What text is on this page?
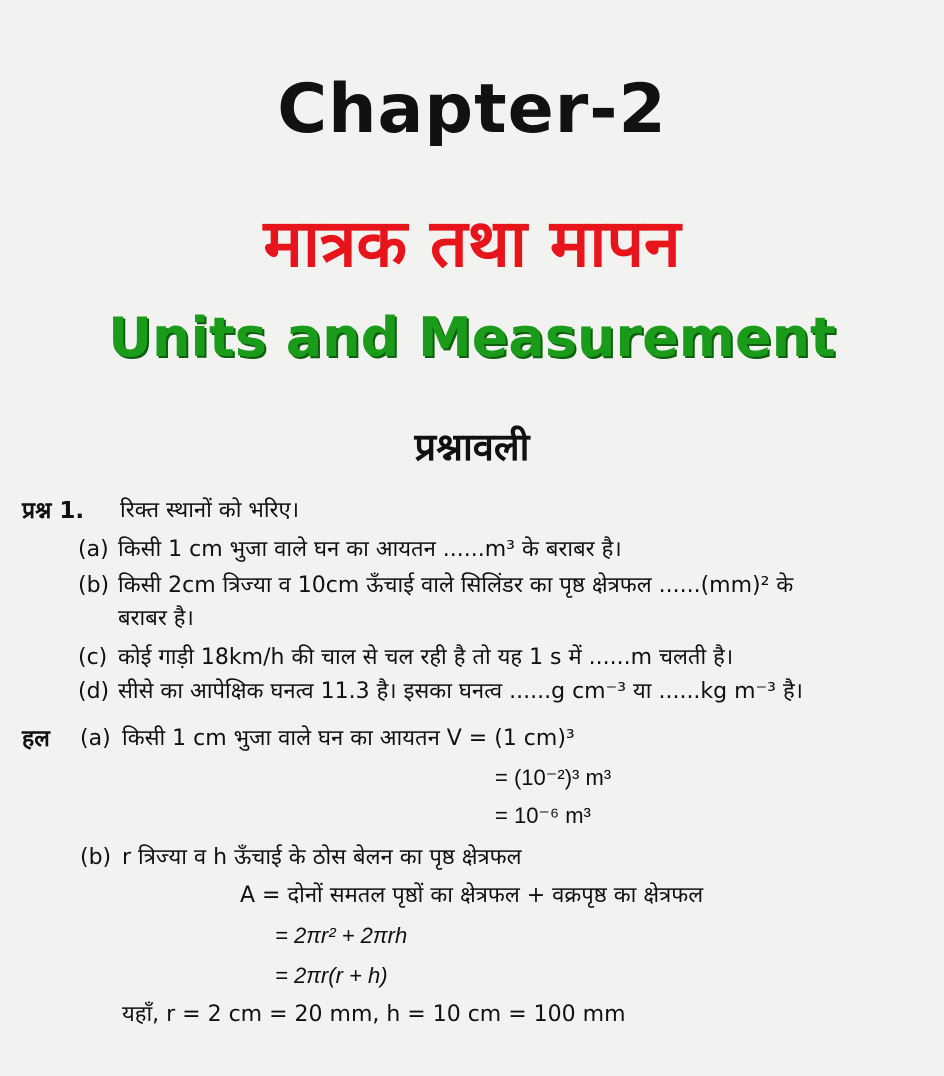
Chapter-2
मात्रक तथा मापन
Units and Measurement
प्रश्नावली
प्रश्न 1. रिक्त स्थानों को भरिए।
(a) किसी 1 cm भुजा वाले घन का आयतन ......m³ के बराबर है।
(b) किसी 2cm त्रिज्या व 10cm ऊँचाई वाले सिलिंडर का पृष्ठ क्षेत्रफल ......(mm)² के
बराबर है।
(c) कोई गाड़ी 18km/h की चाल से चल रही है तो यह 1 s में ......m चलती है।
(d) सीसे का आपेक्षिक घनत्व 11.3 है। इसका घनत्व ......g cm⁻³ या ......kg m⁻³ है।
हल (a) किसी 1 cm भुजा वाले घन का आयतन V = (1 cm)³
= (10⁻²)³ m³
= 10⁻⁶ m³
(b) r त्रिज्या व h ऊँचाई के ठोस बेलन का पृष्ठ क्षेत्रफल
A = दोनों समतल पृष्ठों का क्षेत्रफल + वक्रपृष्ठ का क्षेत्रफल
= 2πr² + 2πrh
= 2πr(r + h)
यहाँ, r = 2 cm = 20 mm, h = 10 cm = 100 mm
